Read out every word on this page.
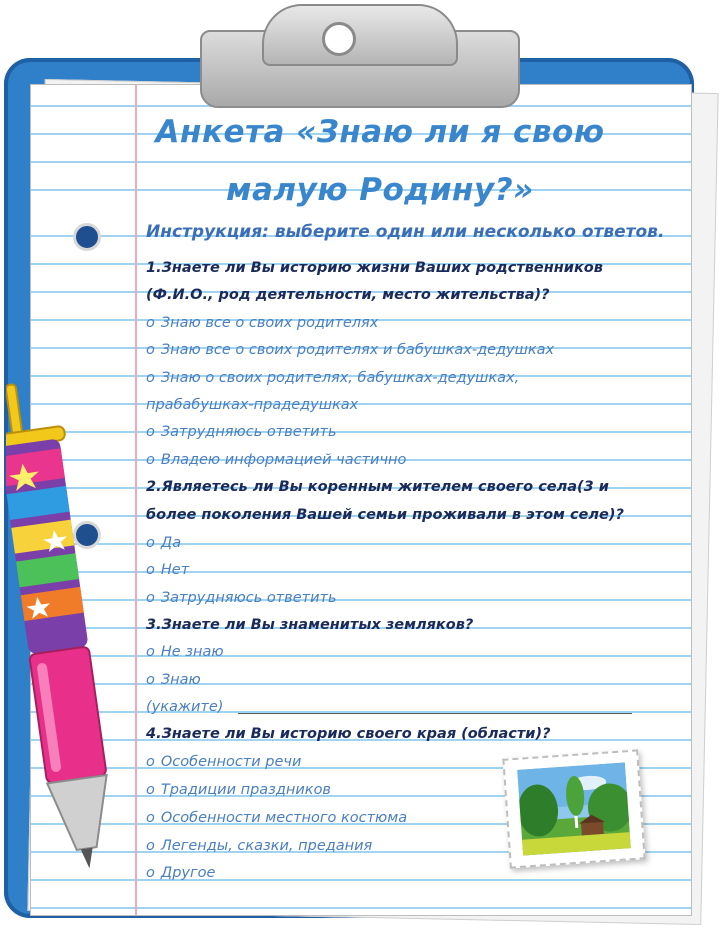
Анкета «Знаю ли я свою
малую Родину?»
Инструкция: выберите один или несколько ответов.
1.Знаете ли Вы историю жизни Ваших родственников
(Ф.И.О., род деятельности, место жительства)?
o Знаю все о своих родителях
o Знаю все о своих родителях и бабушках-дедушках
o Знаю о своих родителях, бабушках-дедушках,
прабабушках-прадедушках
o Затрудняюсь ответить
o Владею информацией частично
2.Являетесь ли Вы коренным жителем своего села(3 и
более поколения Вашей семьи проживали в этом селе)?
o Да
o Нет
o Затрудняюсь ответить
3.Знаете ли Вы знаменитых земляков?
o Не знаю
o Знаю
(укажите)
4.Знаете ли Вы историю своего края (области)?
o Особенности речи
o Традиции праздников
o Особенности местного костюма
o Легенды, сказки, предания
o Другое
